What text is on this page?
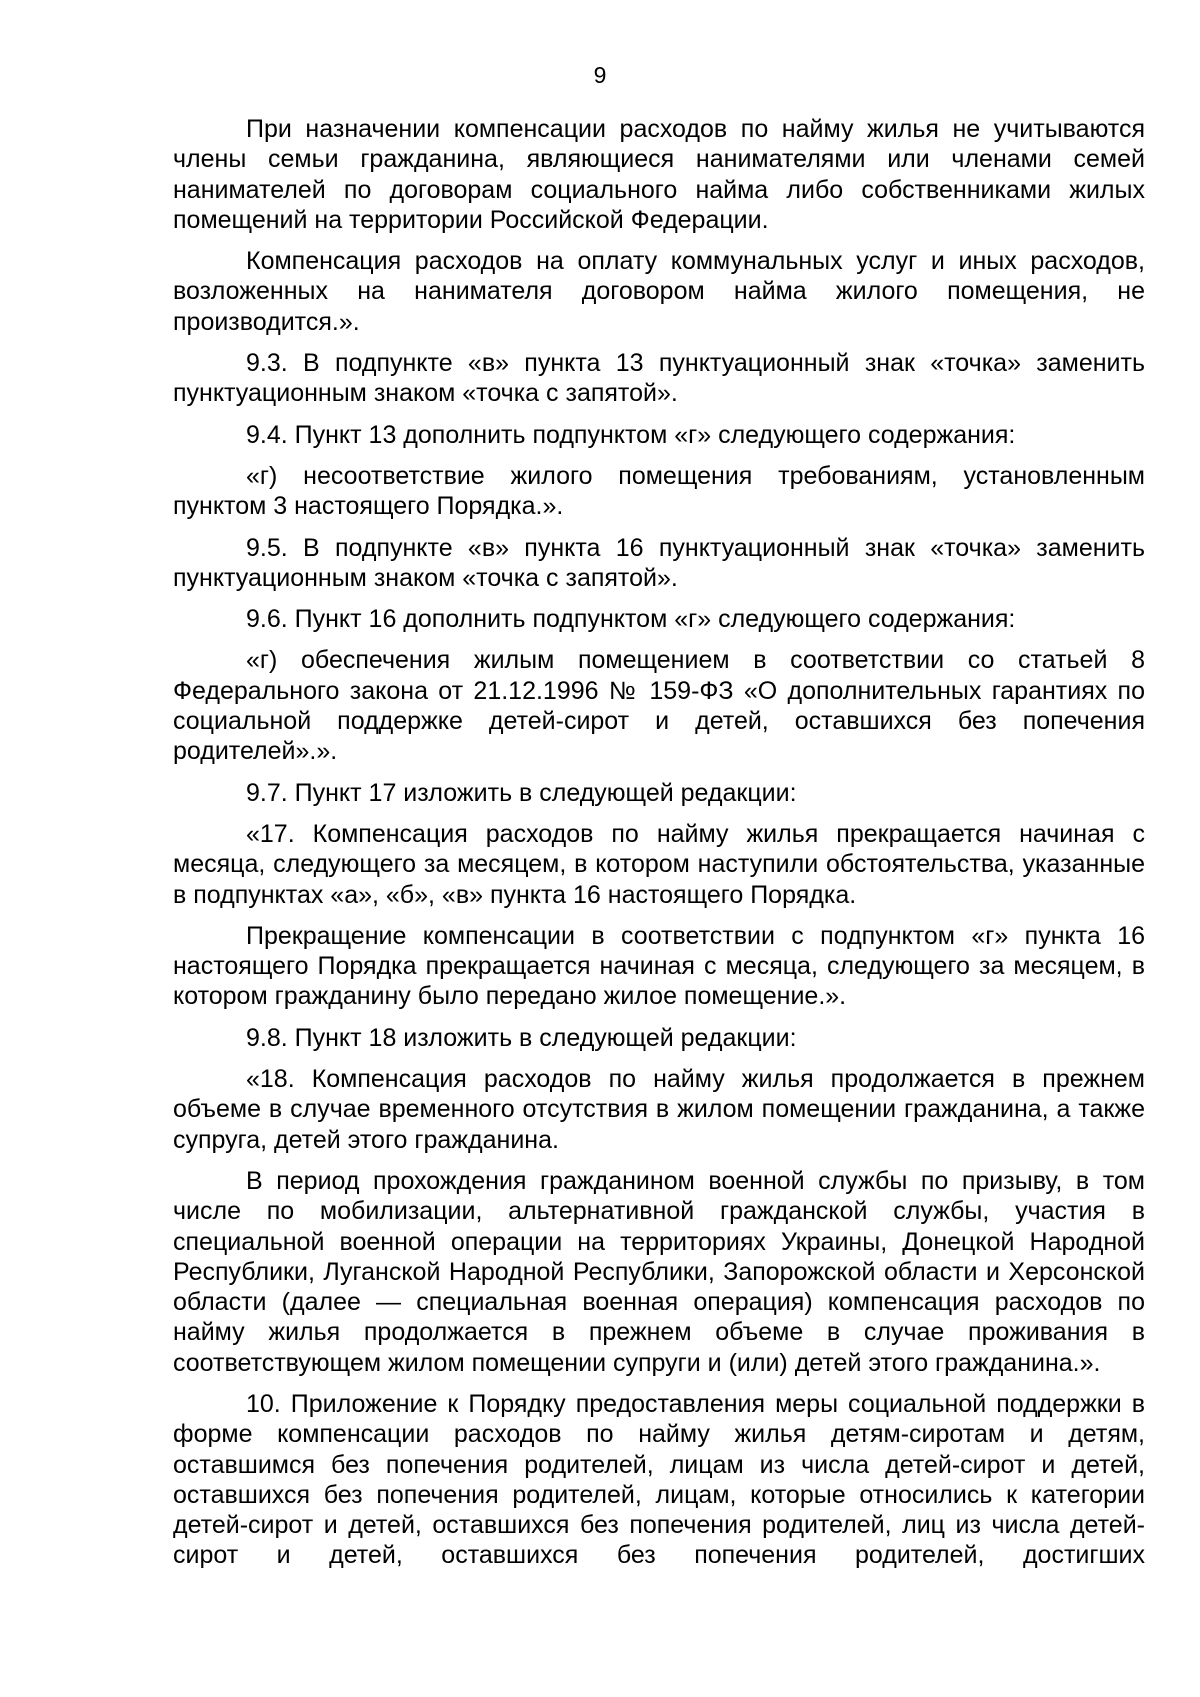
9

При назначении компенсации расходов по найму жилья не учитываются члены семьи гражданина, являющиеся нанимателями или членами семей нанимателей по договорам социального найма либо собственниками жилых помещений на территории Российской Федерации.

Компенсация расходов на оплату коммунальных услуг и иных расходов, возложенных на нанимателя договором найма жилого помещения, не производится.».

9.3. В подпункте «в» пункта 13 пунктуационный знак «точка» заменить пунктуационным знаком «точка с запятой».

9.4. Пункт 13 дополнить подпунктом «г» следующего содержания:

«г) несоответствие жилого помещения требованиям, установленным пунктом 3 настоящего Порядка.».

9.5. В подпункте «в» пункта 16 пунктуационный знак «точка» заменить пунктуационным знаком «точка с запятой».

9.6. Пункт 16 дополнить подпунктом «г» следующего содержания:

«г) обеспечения жилым помещением в соответствии со статьей 8 Федерального закона от 21.12.1996 № 159-ФЗ «О дополнительных гарантиях по социальной поддержке детей-сирот и детей, оставшихся без попечения родителей».».

9.7. Пункт 17 изложить в следующей редакции:

«17. Компенсация расходов по найму жилья прекращается начиная с месяца, следующего за месяцем, в котором наступили обстоятельства, указанные в подпунктах «а», «б», «в» пункта 16 настоящего Порядка.

Прекращение компенсации в соответствии с подпунктом «г» пункта 16 настоящего Порядка прекращается начиная с месяца, следующего за месяцем, в котором гражданину было передано жилое помещение.».

9.8. Пункт 18 изложить в следующей редакции:

«18. Компенсация расходов по найму жилья продолжается в прежнем объеме в случае временного отсутствия в жилом помещении гражданина, а также супруга, детей этого гражданина.

В период прохождения гражданином военной службы по призыву, в том числе по мобилизации, альтернативной гражданской службы, участия в специальной военной операции на территориях Украины, Донецкой Народной Республики, Луганской Народной Республики, Запорожской области и Херсонской области (далее — специальная военная операция) компенсация расходов по найму жилья продолжается в прежнем объеме в случае проживания в соответствующем жилом помещении супруги и (или) детей этого гражданина.».

10. Приложение к Порядку предоставления меры социальной поддержки в форме компенсации расходов по найму жилья детям-сиротам и детям, оставшимся без попечения родителей, лицам из числа детей-сирот и детей, оставшихся без попечения родителей, лицам, которые относились к категории детей-сирот и детей, оставшихся без попечения родителей, лиц из числа детей-сирот и детей, оставшихся без попечения родителей, достигших
